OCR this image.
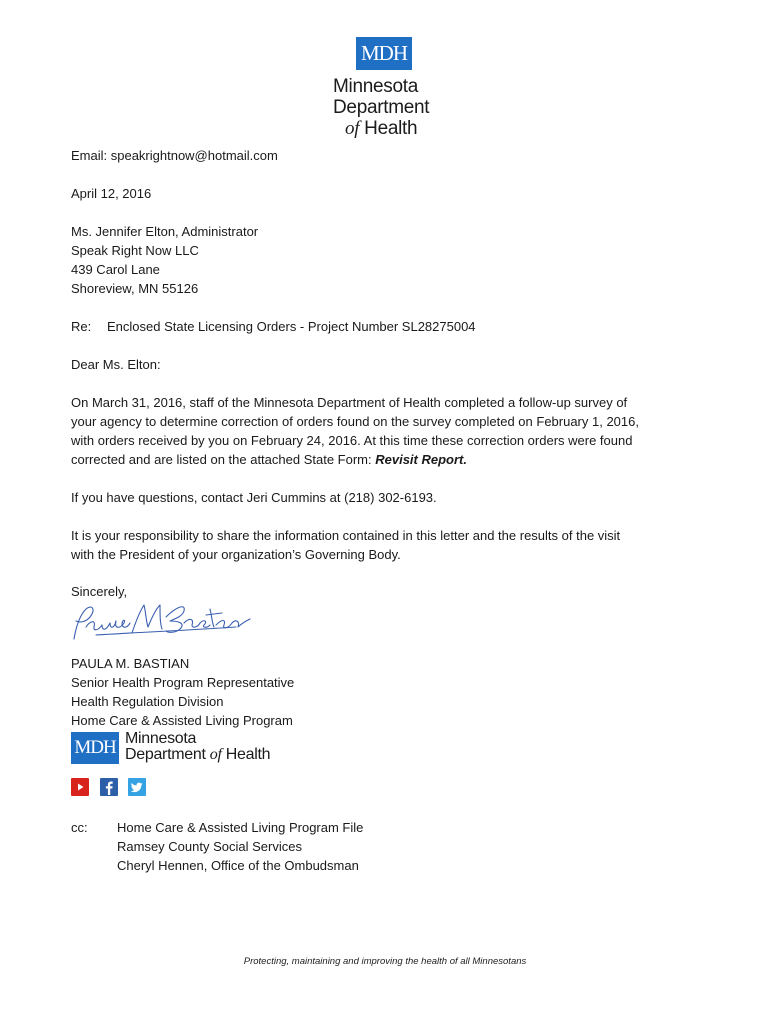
MDH
Minnesota
Department
of Health
Email: speakrightnow@hotmail.com
April 12, 2016
Ms. Jennifer Elton, Administrator
Speak Right Now LLC
439 Carol Lane
Shoreview, MN 55126
Re: Enclosed State Licensing Orders - Project Number SL28275004
Dear Ms. Elton:
On March 31, 2016, staff of the Minnesota Department of Health completed a follow-up survey of
your agency to determine correction of orders found on the survey completed on February 1, 2016,
with orders received by you on February 24, 2016. At this time these correction orders were found
corrected and are listed on the attached State Form: Revisit Report.
If you have questions, contact Jeri Cummins at (218) 302-6193.
It is your responsibility to share the information contained in this letter and the results of the visit
with the President of your organization’s Governing Body.
Sincerely,
PAULA M. BASTIAN
Senior Health Program Representative
Health Regulation Division
Home Care & Assisted Living Program
MDH Minnesota
Department of Health
cc: Home Care & Assisted Living Program File
Ramsey County Social Services
Cheryl Hennen, Office of the Ombudsman
Protecting, maintaining and improving the health of all Minnesotans
